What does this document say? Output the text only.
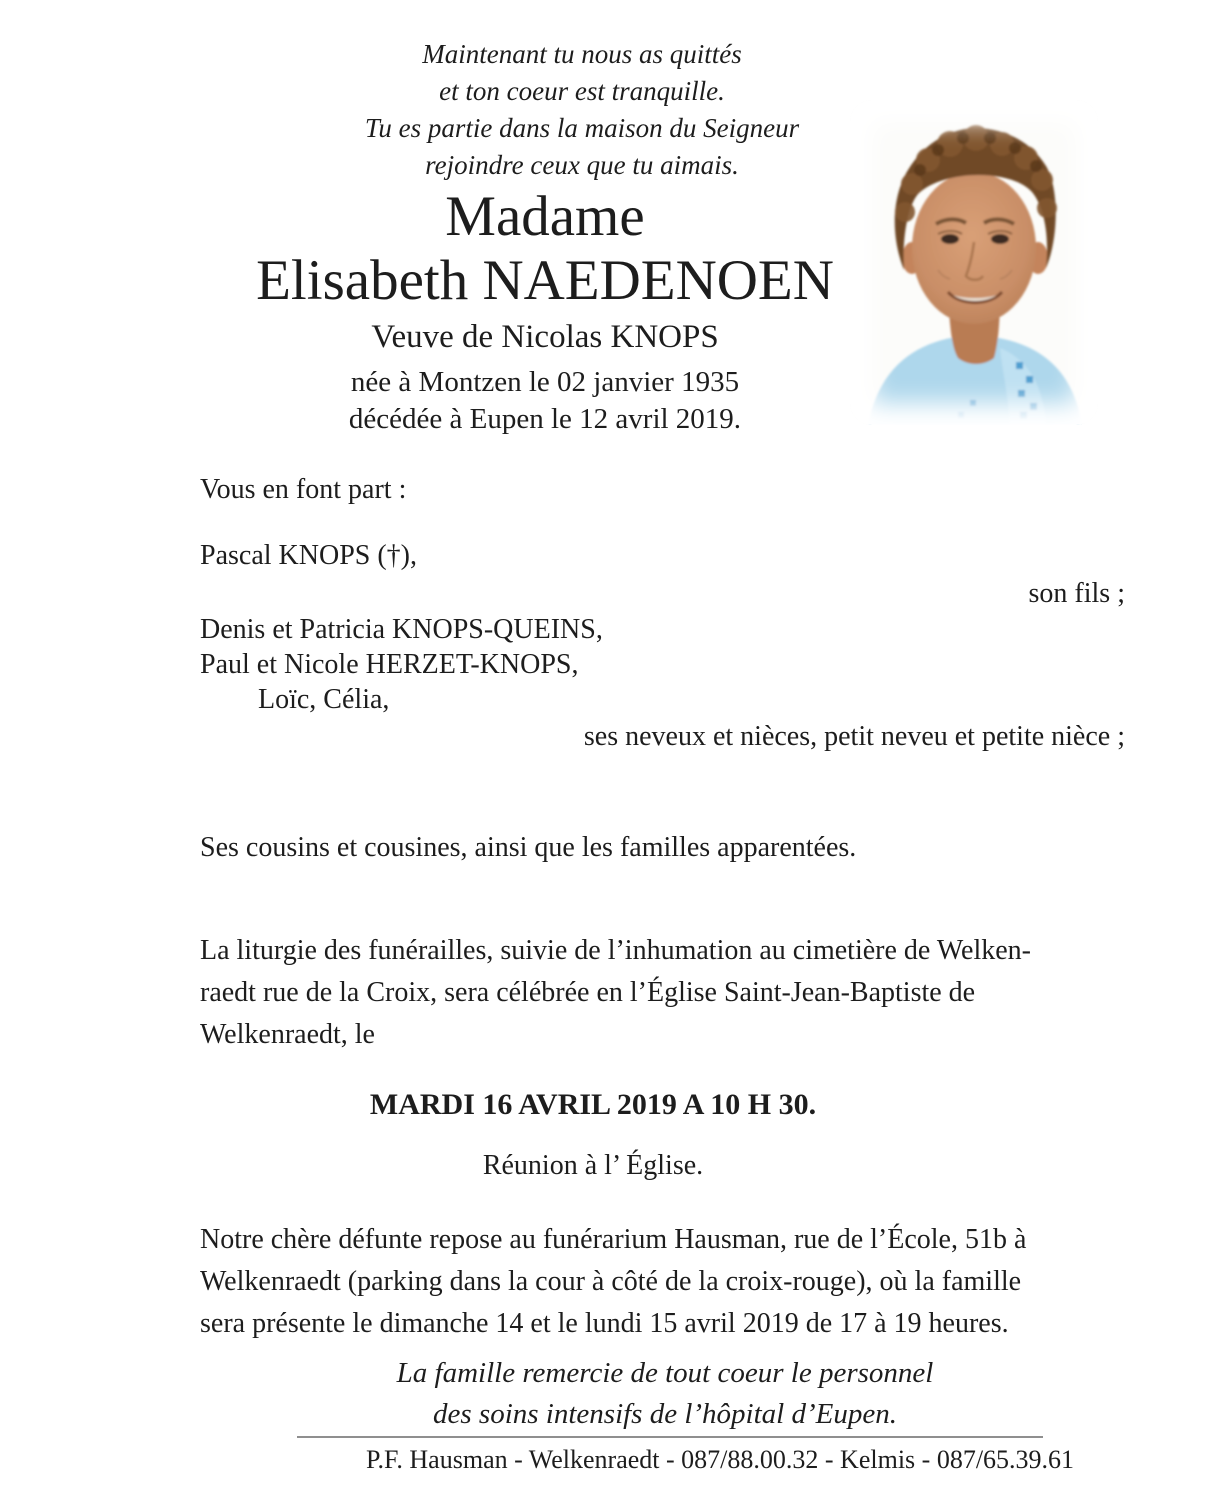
Maintenant tu nous as quittés
et ton coeur est tranquille.
Tu es partie dans la maison du Seigneur
rejoindre ceux que tu aimais.
Madame
Elisabeth NAEDENOEN
Veuve de Nicolas KNOPS
née à Montzen le 02 janvier 1935
décédée à Eupen le 12 avril 2019.
Vous en font part :
Pascal KNOPS (†),
son fils ;
Denis et Patricia KNOPS-QUEINS,
Paul et Nicole HERZET-KNOPS,
Loïc, Célia,
ses neveux et nièces, petit neveu et petite nièce ;
Ses cousins et cousines, ainsi que les familles apparentées.
La liturgie des funérailles, suivie de l’inhumation au cimetière de Welken-
raedt rue de la Croix, sera célébrée en l’Église Saint-Jean-Baptiste de
Welkenraedt, le
MARDI 16 AVRIL 2019 A 10 H 30.
Réunion à l’ Église.
Notre chère défunte repose au funérarium Hausman, rue de l’École, 51b à
Welkenraedt (parking dans la cour à côté de la croix-rouge), où la famille
sera présente le dimanche 14 et le lundi 15 avril 2019 de 17 à 19 heures.
La famille remercie de tout coeur le personnel
des soins intensifs de l’hôpital d’Eupen.
P.F. Hausman - Welkenraedt - 087/88.00.32 - Kelmis - 087/65.39.61
